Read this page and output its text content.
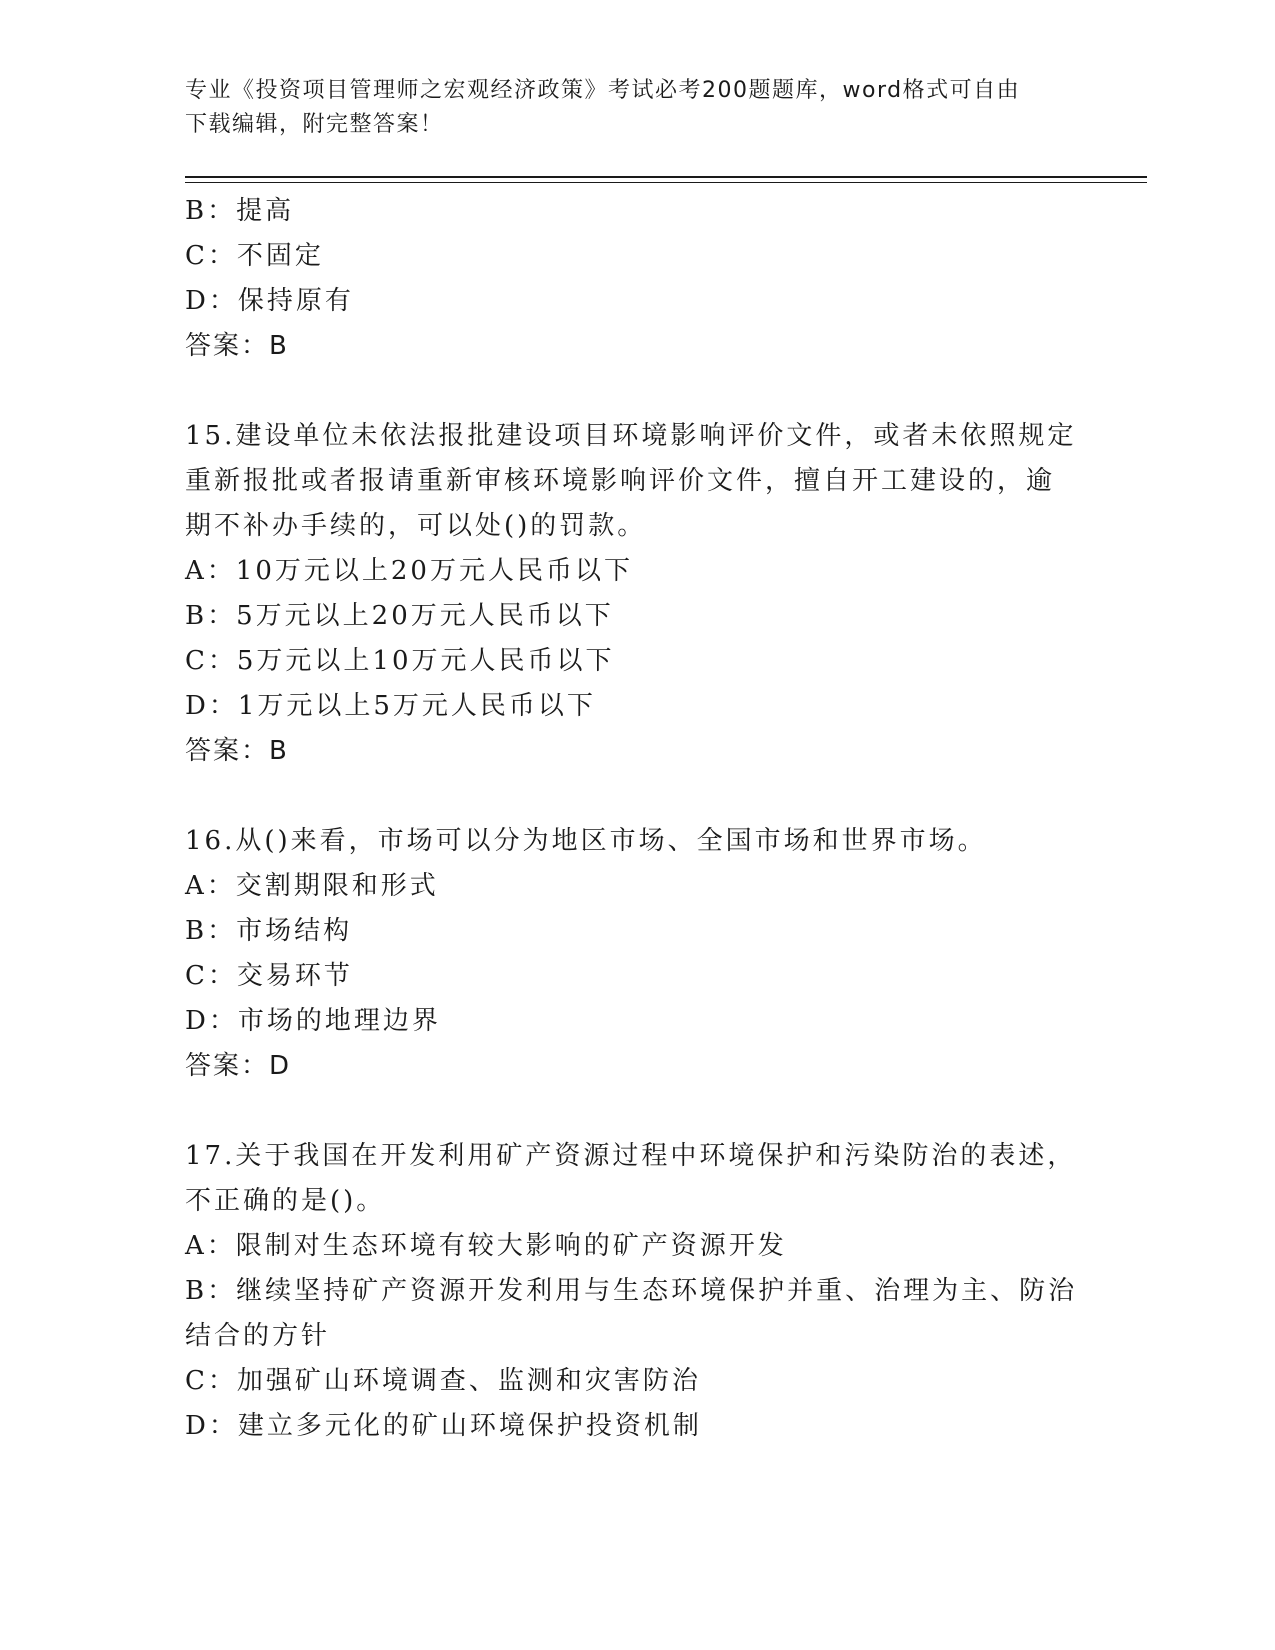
专业《投资项目管理师之宏观经济政策》考试必考200题题库，word格式可自由
下载编辑，附完整答案！
B：提高
C：不固定
D：保持原有
答案：B
15.建设单位未依法报批建设项目环境影响评价文件，或者未依照规定
重新报批或者报请重新审核环境影响评价文件，擅自开工建设的，逾
期不补办手续的，可以处()的罚款。
A：10万元以上20万元人民币以下
B：5万元以上20万元人民币以下
C：5万元以上10万元人民币以下
D：1万元以上5万元人民币以下
答案：B
16.从()来看，市场可以分为地区市场、全国市场和世界市场。
A：交割期限和形式
B：市场结构
C：交易环节
D：市场的地理边界
答案：D
17.关于我国在开发利用矿产资源过程中环境保护和污染防治的表述，
不正确的是()。
A：限制对生态环境有较大影响的矿产资源开发
B：继续坚持矿产资源开发利用与生态环境保护并重、治理为主、防治
结合的方针
C：加强矿山环境调查、监测和灾害防治
D：建立多元化的矿山环境保护投资机制
